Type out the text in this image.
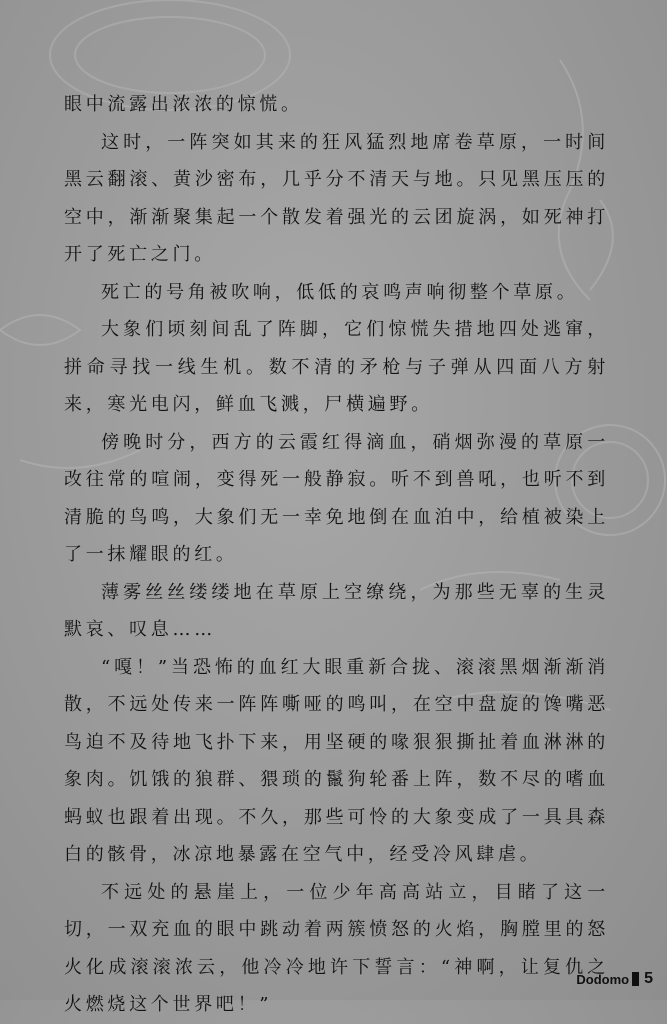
眼中流露出浓浓的惊慌。

这时，一阵突如其来的狂风猛烈地席卷草原，一时间黑云翻滚、黄沙密布，几乎分不清天与地。只见黑压压的空中，渐渐聚集起一个散发着强光的云团旋涡，如死神打开了死亡之门。

死亡的号角被吹响，低低的哀鸣声响彻整个草原。

大象们顷刻间乱了阵脚，它们惊慌失措地四处逃窜，拼命寻找一线生机。数不清的矛枪与子弹从四面八方射来，寒光电闪，鲜血飞溅，尸横遍野。

傍晚时分，西方的云霞红得滴血，硝烟弥漫的草原一改往常的喧闹，变得死一般静寂。听不到兽吼，也听不到清脆的鸟鸣，大象们无一幸免地倒在血泊中，给植被染上了一抹耀眼的红。

薄雾丝丝缕缕地在草原上空缭绕，为那些无辜的生灵默哀、叹息……

“嘎！”当恐怖的血红大眼重新合拢、滚滚黑烟渐渐消散，不远处传来一阵阵嘶哑的鸣叫，在空中盘旋的馋嘴恶鸟迫不及待地飞扑下来，用坚硬的喙狠狠撕扯着血淋淋的象肉。饥饿的狼群、猥琐的鬣狗轮番上阵，数不尽的嗜血蚂蚁也跟着出现。不久，那些可怜的大象变成了一具具森白的骸骨，冰凉地暴露在空气中，经受冷风肆虐。

不远处的悬崖上，一位少年高高站立，目睹了这一切，一双充血的眼中跳动着两簇愤怒的火焰，胸膛里的怒火化成滚滚浓云，他冷冷地许下誓言：“神啊，让复仇之火燃烧这个世界吧！”

Dodomo 5
